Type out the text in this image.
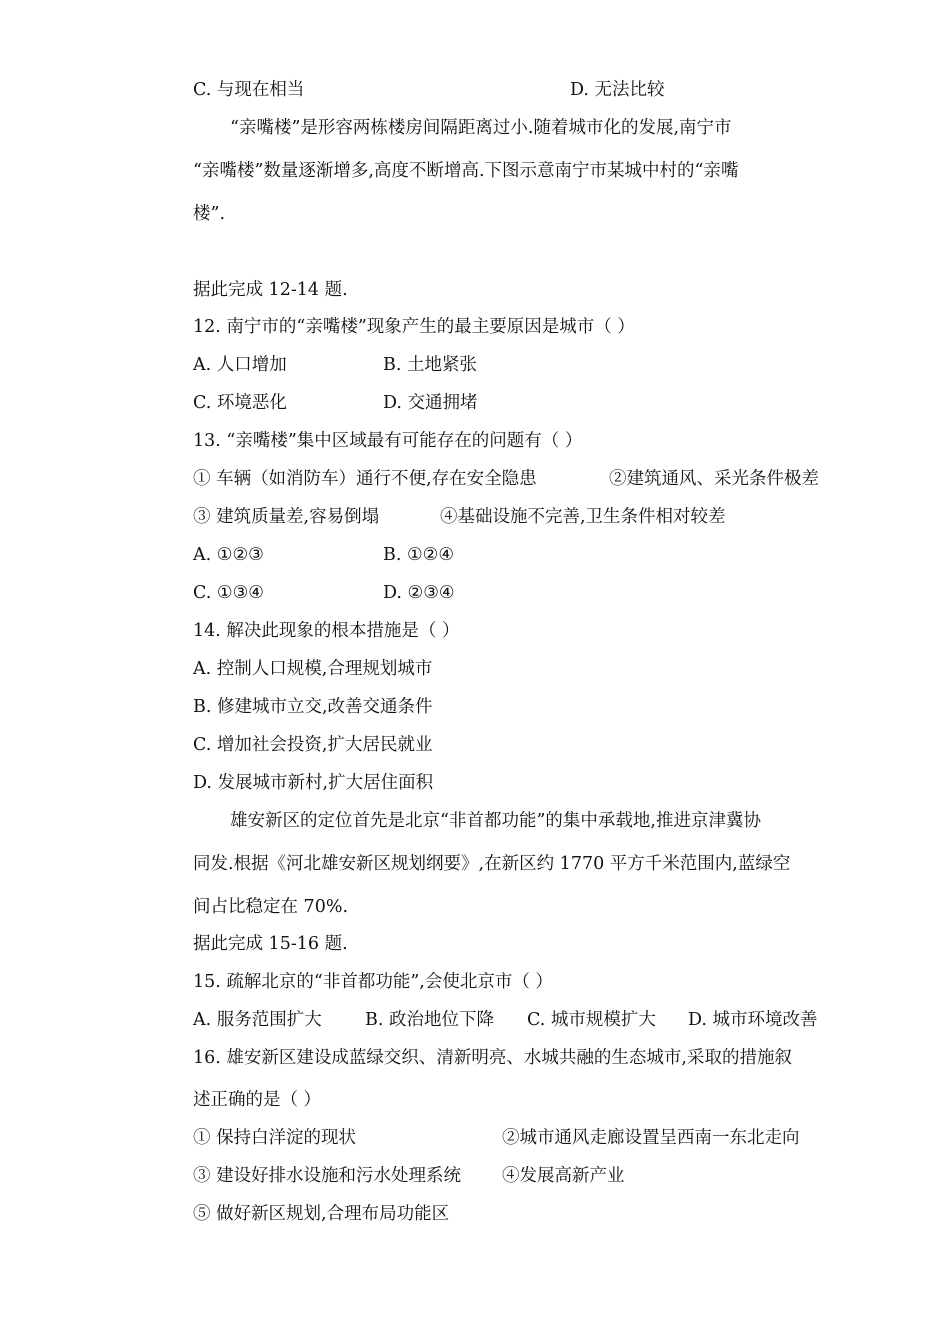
C. 与现在相当	D. 无法比较
“亲嘴楼”是形容两栋楼房间隔距离过小.随着城市化的发展,南宁市
“亲嘴楼”数量逐渐增多,高度不断增高.下图示意南宁市某城中村的“亲嘴
楼”.
据此完成 12-14 题.
12. 南宁市的“亲嘴楼”现象产生的最主要原因是城市（ ）
A. 人口增加	B. 土地紧张
C. 环境恶化	D. 交通拥堵
13. “亲嘴楼”集中区域最有可能存在的问题有（ ）
① 车辆（如消防车）通行不便,存在安全隐患	②建筑通风、采光条件极差
③ 建筑质量差,容易倒塌	④基础设施不完善,卫生条件相对较差
A. ①②③	B. ①②④
C. ①③④	D. ②③④
14. 解决此现象的根本措施是（ ）
A. 控制人口规模,合理规划城市
B. 修建城市立交,改善交通条件
C. 增加社会投资,扩大居民就业
D. 发展城市新村,扩大居住面积
雄安新区的定位首先是北京“非首都功能”的集中承载地,推进京津冀协
同发.根据《河北雄安新区规划纲要》,在新区约 1770 平方千米范围内,蓝绿空
间占比稳定在 70%.
据此完成 15-16 题.
15. 疏解北京的“非首都功能”,会使北京市（ ）
A. 服务范围扩大 B. 政治地位下降 C. 城市规模扩大 D. 城市环境改善
16. 雄安新区建设成蓝绿交织、清新明亮、水城共融的生态城市,采取的措施叙
述正确的是（ ）
① 保持白洋淀的现状	②城市通风走廊设置呈西南一东北走向
③ 建设好排水设施和污水处理系统 ④发展高新产业
⑤ 做好新区规划,合理布局功能区
